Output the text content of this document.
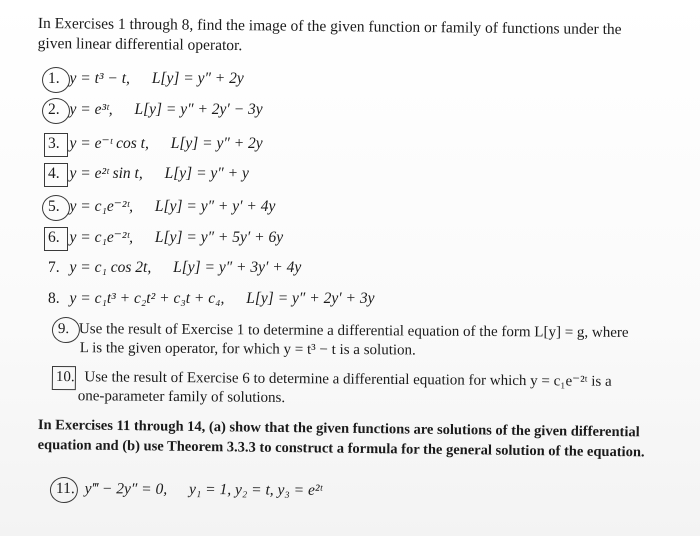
In Exercises 1 through 8, find the image of the given function or family of functions under the given linear differential operator.

1. y = t³ − t, L[y] = y″ + 2y
2. y = e³ᵗ, L[y] = y″ + 2y′ − 3y
3. y = e⁻ᵗ cos t, L[y] = y″ + 2y
4. y = e²ᵗ sin t, L[y] = y″ + y
5. y = c₁e⁻²ᵗ, L[y] = y″ + y′ + 4y
6. y = c₁e⁻²ᵗ, L[y] = y″ + 5y′ + 6y
7. y = c₁ cos 2t, L[y] = y″ + 3y′ + 4y
8. y = c₁t³ + c₂t² + c₃t + c₄, L[y] = y″ + 2y′ + 3y
9. Use the result of Exercise 1 to determine a differential equation of the form L[y] = g, where
L is the given operator, for which y = t³ − t is a solution.
10. Use the result of Exercise 6 to determine a differential equation for which y = c₁e⁻²ᵗ is a
one-parameter family of solutions.

In Exercises 11 through 14, (a) show that the given functions are solutions of the given differential equation and (b) use Theorem 3.3.3 to construct a formula for the general solution of the equation.

11. y‴ − 2y″ = 0, y₁ = 1, y₂ = t, y₃ = e²ᵗ
